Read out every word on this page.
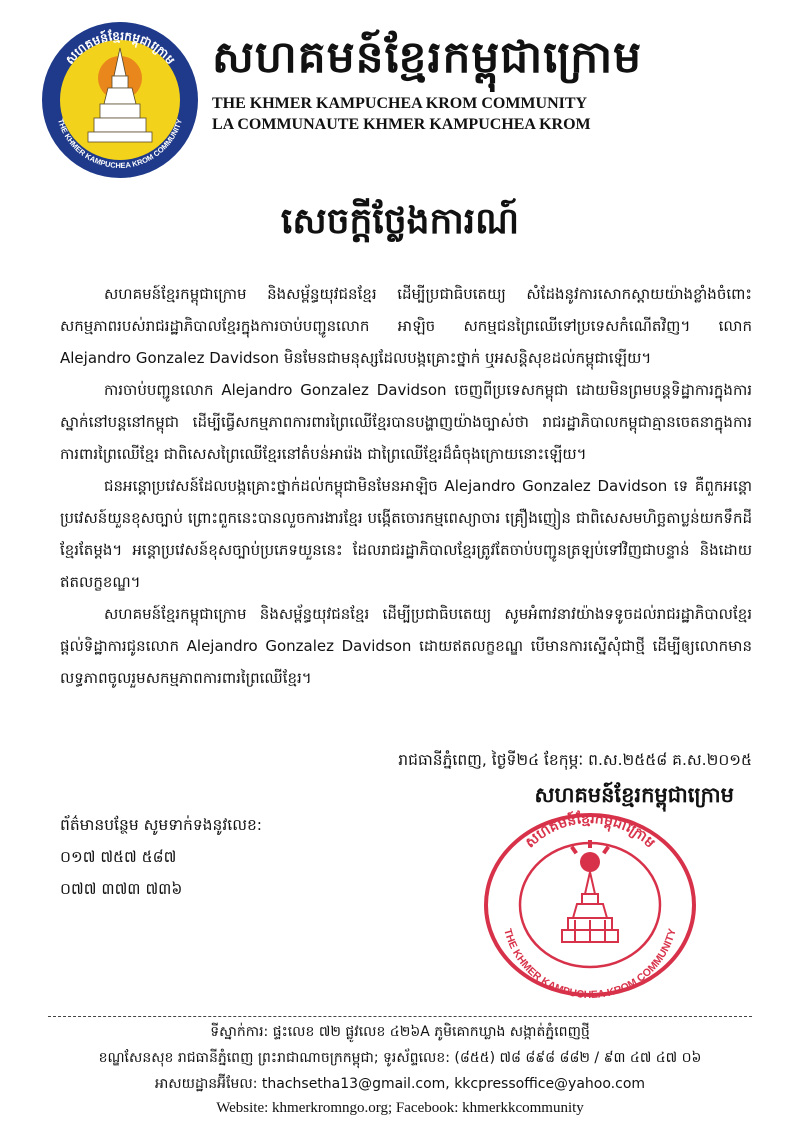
សហគមន៍ខ្មែរកម្ពុជាក្រោម
THE KHMER KAMPUCHEA KROM COMMUNITY
សហគមន៍ខ្មែរកម្ពុជាក្រោម
THE KHMER KAMPUCHEA KROM COMMUNITY
LA COMMUNAUTE KHMER KAMPUCHEA KROM
សេចក្តីថ្លែងការណ៍

សហគមន៍ខ្មែរកម្ពុជាក្រោម និងសម្ព័ន្ធយុវជនខ្មែរ ដើម្បីប្រជាធិបតេយ្យ សំដែងនូវការសោកស្តាយយ៉ាងខ្លាំងចំពោះសកម្មភាពរបស់រាជរដ្ឋាភិបាលខ្មែរក្នុងការចាប់បញ្ជូនលោក អាឡិច សកម្មជនព្រៃឈើទៅប្រទេសកំណើតវិញ។ លោក Alejandro Gonzalez Davidson មិនមែនជាមនុស្សដែលបង្កគ្រោះថ្នាក់ ឬអសន្តិសុខដល់កម្ពុជាឡើយ។

ការចាប់បញ្ជូនលោក Alejandro Gonzalez Davidson ចេញពីប្រទេសកម្ពុជា ដោយមិនព្រមបន្តទិដ្ឋាការក្នុងការស្នាក់នៅបន្តនៅកម្ពុជា ដើម្បីធ្វើសកម្មភាពការពារព្រៃឈើខ្មែរបានបង្ហាញយ៉ាងច្បាស់ថា រាជរដ្ឋាភិបាលកម្ពុជាគ្មានចេតនាក្នុងការការពារព្រៃឈើខ្មែរ ជាពិសេសព្រៃឈើខ្មែរនៅតំបន់អារ៉េង ជាព្រៃឈើខ្មែរដ៏ធំចុងក្រោយនោះឡើយ។

ជនអន្តោប្រវេសន៍ដែលបង្កគ្រោះថ្នាក់ដល់កម្ពុជាមិនមែនអាឡិច Alejandro Gonzalez Davidson ទេ គឺពួកអន្តោប្រវេសន៍យួនខុសច្បាប់ ព្រោះពួកនេះបានលួចការងារខ្មែរ បង្កើតចោរកម្មពេស្យាចារ គ្រឿងញៀន ជាពិសេសមហិច្ឆតាប្លន់យកទឹកដីខ្មែរតែម្តង។ អន្តោប្រវេសន៍ខុសច្បាប់ប្រភេទយួននេះ ដែលរាជរដ្ឋាភិបាលខ្មែរត្រូវតែចាប់បញ្ជូនត្រឡប់ទៅវិញជាបន្ទាន់ និងដោយឥតលក្ខខណ្ឌ។

សហគមន៍ខ្មែរកម្ពុជាក្រោម និងសម្ព័ន្ធយុវជនខ្មែរ ដើម្បីប្រជាធិបតេយ្យ សូមអំពាវនាវយ៉ាងទទូចដល់រាជរដ្ឋាភិបាលខ្មែរ ផ្តល់ទិដ្ឋាការជូនលោក Alejandro Gonzalez Davidson ដោយឥតលក្ខខណ្ឌ បើមានការស្នើសុំជាថ្មី ដើម្បីឲ្យលោកមានលទ្ធភាពចូលរួមសកម្មភាពការពារព្រៃឈើខ្មែរ។

រាជធានីភ្នំពេញ, ថ្ងៃទី២៤ ខែកុម្ភៈ ព.ស.២៥៥៨ គ.ស.២០១៥
សហគមន៍ខ្មែរកម្ពុជាក្រោម
ព័ត៌មានបន្ថែម សូមទាក់ទងនូវលេខ:
០១៧ ៧៥៧ ៥៨៧
០៧៧ ៣៧៣ ៧៣៦
សហគមន៍ខ្មែរកម្ពុជាក្រោម
THE KHMER KAMPUCHEA KROM COMMUNITY
ទីស្នាក់ការ: ផ្ទះលេខ ៧២ ផ្លូវលេខ ៤២៦A ភូមិគោកឃ្លាង សង្កាត់ភ្នំពេញថ្មី
ខណ្ឌសែនសុខ រាជធានីភ្នំពេញ ព្រះរាជាណាចក្រកម្ពុជា; ទូរស័ព្ទលេខ: (៨៥៥) ៧៨ ៨៩៨ ៨៨២ / ៩៣ ៤៧ ៤៧ ០៦
អាសយដ្ឋានអ៊ីមែល: thachsetha13@gmail.com, kkcpressoffice@yahoo.com
Website: khmerkromngo.org; Facebook: khmerkkcommunity
